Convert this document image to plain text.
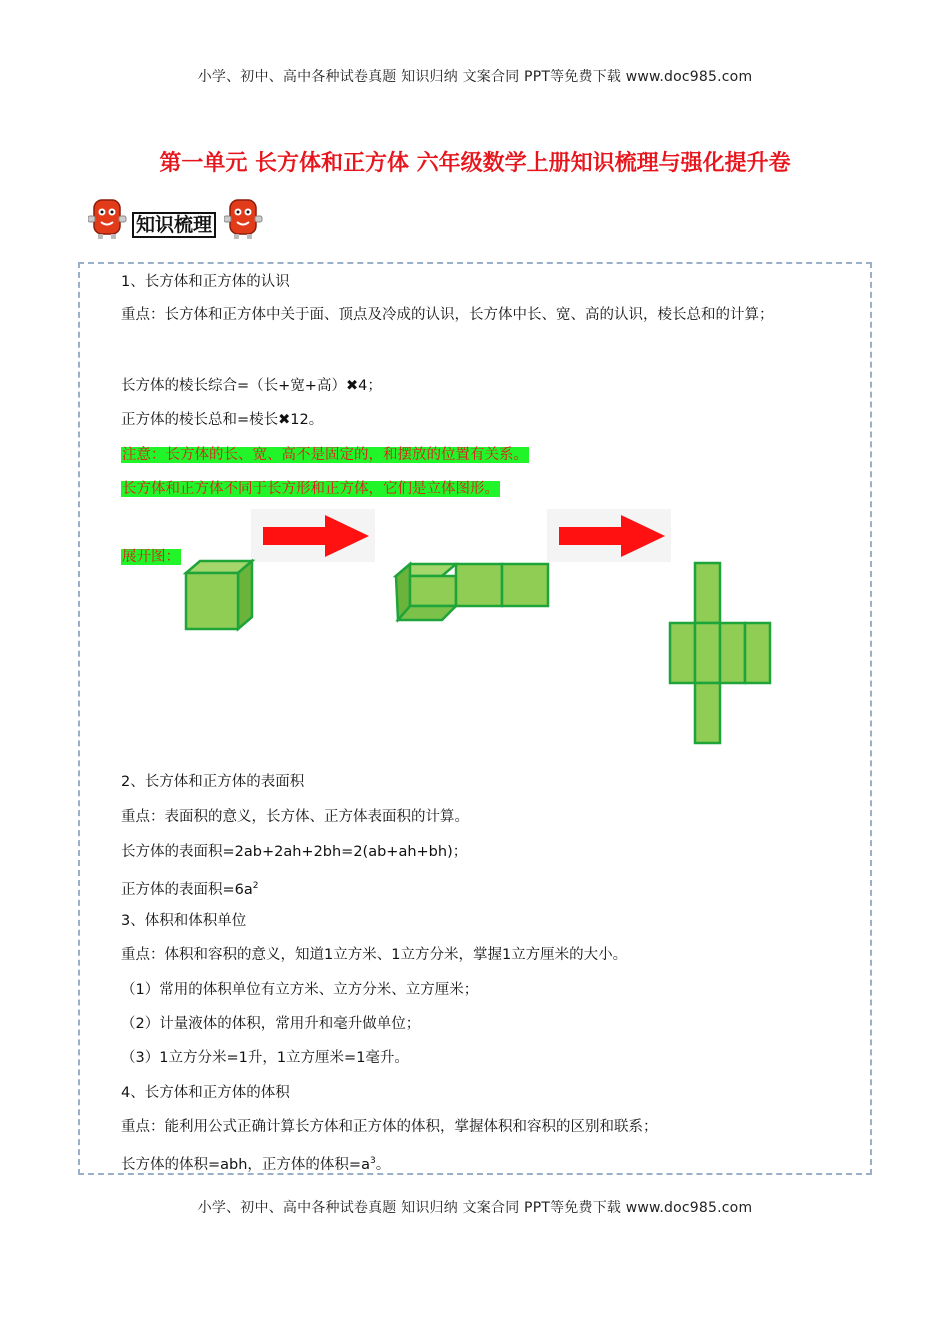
小学、初中、高中各种试卷真题 知识归纳 文案合同 PPT等免费下载 www.doc985.com
第一单元 长方体和正方体 六年级数学上册知识梳理与强化提升卷
知识梳理
1、长方体和正方体的认识
重点：长方体和正方体中关于面、顶点及冷成的认识，长方体中长、宽、高的认识，棱长总和的计算；
长方体的棱长综合=（长+宽+高）✖4；
正方体的棱长总和=棱长✖12。
注意：长方体的长、宽、高不是固定的，和摆放的位置有关系。
长方体和正方体不同于长方形和正方体，它们是立体图形。
展开图：
2、长方体和正方体的表面积
重点：表面积的意义，长方体、正方体表面积的计算。
长方体的表面积=2ab+2ah+2bh=2(ab+ah+bh)；
正方体的表面积$=6a^2$
3、体积和体积单位
重点：体积和容积的意义，知道1立方米、1立方分米，掌握1立方厘米的大小。
（1）常用的体积单位有立方米、立方分米、立方厘米；
（2）计量液体的体积，常用升和毫升做单位；
（3）1立方分米=1升，1立方厘米=1毫升。
4、长方体和正方体的体积
重点：能利用公式正确计算长方体和正方体的体积，掌握体积和容积的区别和联系；
长方体的体积=abh，正方体的体积$=a^3$。
小学、初中、高中各种试卷真题 知识归纳 文案合同 PPT等免费下载 www.doc985.com
